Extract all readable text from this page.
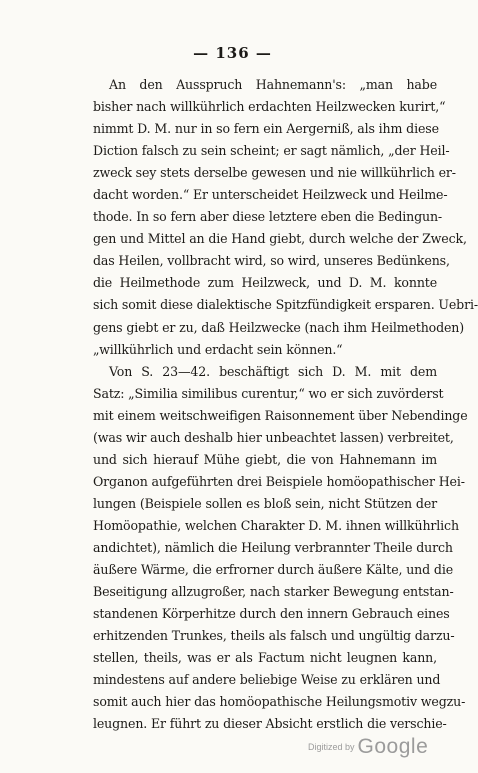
— 136 —
An den Ausspruch Hahnemann's: „man habe
bisher nach willkührlich erdachten Heilzwecken kurirt,“
nimmt D. M. nur in so fern ein Aergerniß, als ihm diese
Diction falsch zu sein scheint; er sagt nämlich, „der Heil-
zweck sey stets derselbe gewesen und nie willkührlich er-
dacht worden.“ Er unterscheidet Heilzweck und Heilme-
thode. In so fern aber diese letztere eben die Bedingun-
gen und Mittel an die Hand giebt, durch welche der Zweck,
das Heilen, vollbracht wird, so wird, unseres Bedünkens,
die Heilmethode zum Heilzweck, und D. M. konnte
sich somit diese dialektische Spitzfündigkeit ersparen. Uebri-
gens giebt er zu, daß Heilzwecke (nach ihm Heilmethoden)
„willkührlich und erdacht sein können.“
Von S. 23—42. beschäftigt sich D. M. mit dem
Satz: „Similia similibus curentur,“ wo er sich zuvörderst
mit einem weitschweifigen Raisonnement über Nebendinge
(was wir auch deshalb hier unbeachtet lassen) verbreitet,
und sich hierauf Mühe giebt, die von Hahnemann im
Organon aufgeführten drei Beispiele homöopathischer Hei-
lungen (Beispiele sollen es bloß sein, nicht Stützen der
Homöopathie, welchen Charakter D. M. ihnen willkührlich
andichtet), nämlich die Heilung verbrannter Theile durch
äußere Wärme, die erfrorner durch äußere Kälte, und die
Beseitigung allzugroßer, nach starker Bewegung entstan-
standenen Körperhitze durch den innern Gebrauch eines
erhitzenden Trunkes, theils als falsch und ungültig darzu-
stellen, theils, was er als Factum nicht leugnen kann,
mindestens auf andere beliebige Weise zu erklären und
somit auch hier das homöopathische Heilungsmotiv wegzu-
leugnen. Er führt zu dieser Absicht erstlich die verschie-
Digitized by Google
